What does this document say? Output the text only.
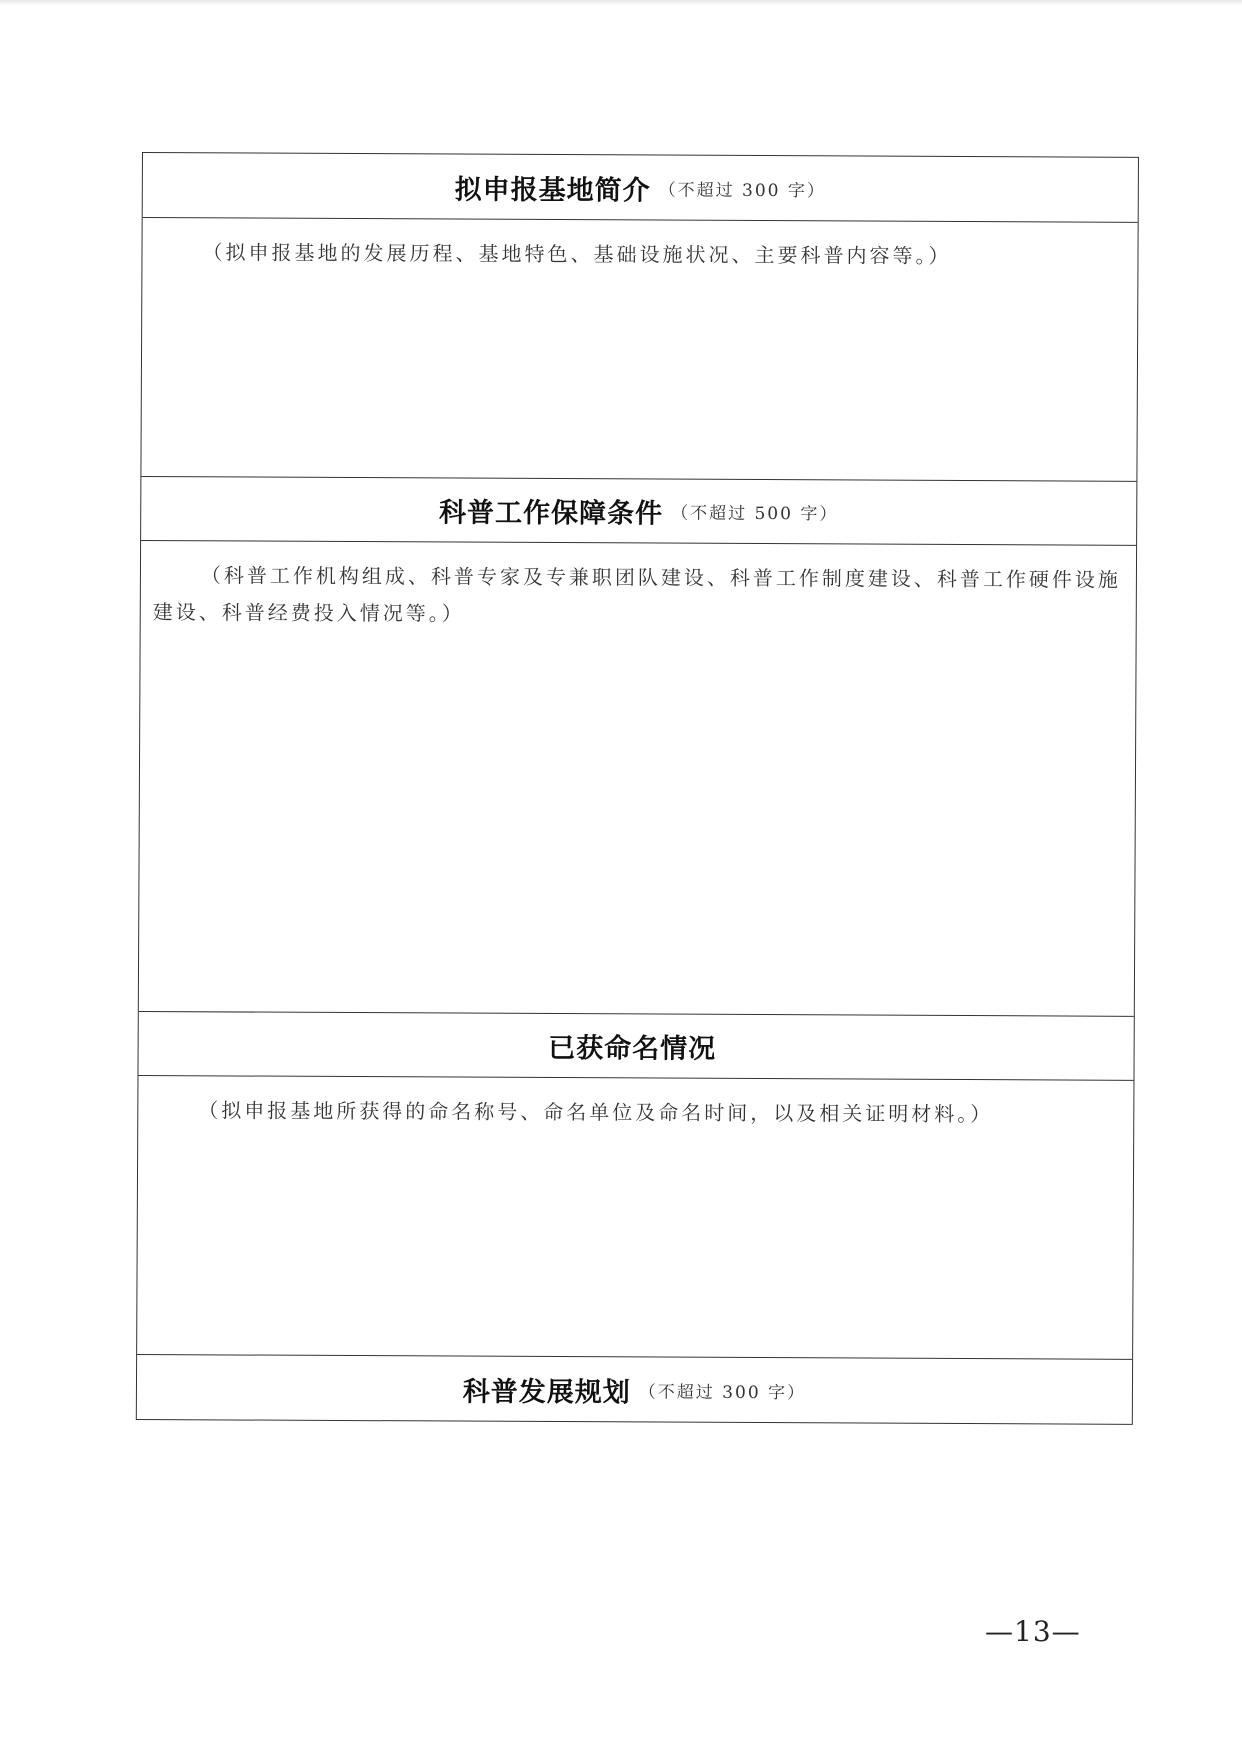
拟申报基地简介 （不超过 300 字）

（拟申报基地的发展历程、基地特色、基础设施状况、主要科普内容等。）

科普工作保障条件 （不超过 500 字）

（科普工作机构组成、科普专家及专兼职团队建设、科普工作制度建设、科普工作硬件设施建设、科普经费投入情况等。）

已获命名情况

（拟申报基地所获得的命名称号、命名单位及命名时间，以及相关证明材料。）

科普发展规划 （不超过 300 字）
—13—
